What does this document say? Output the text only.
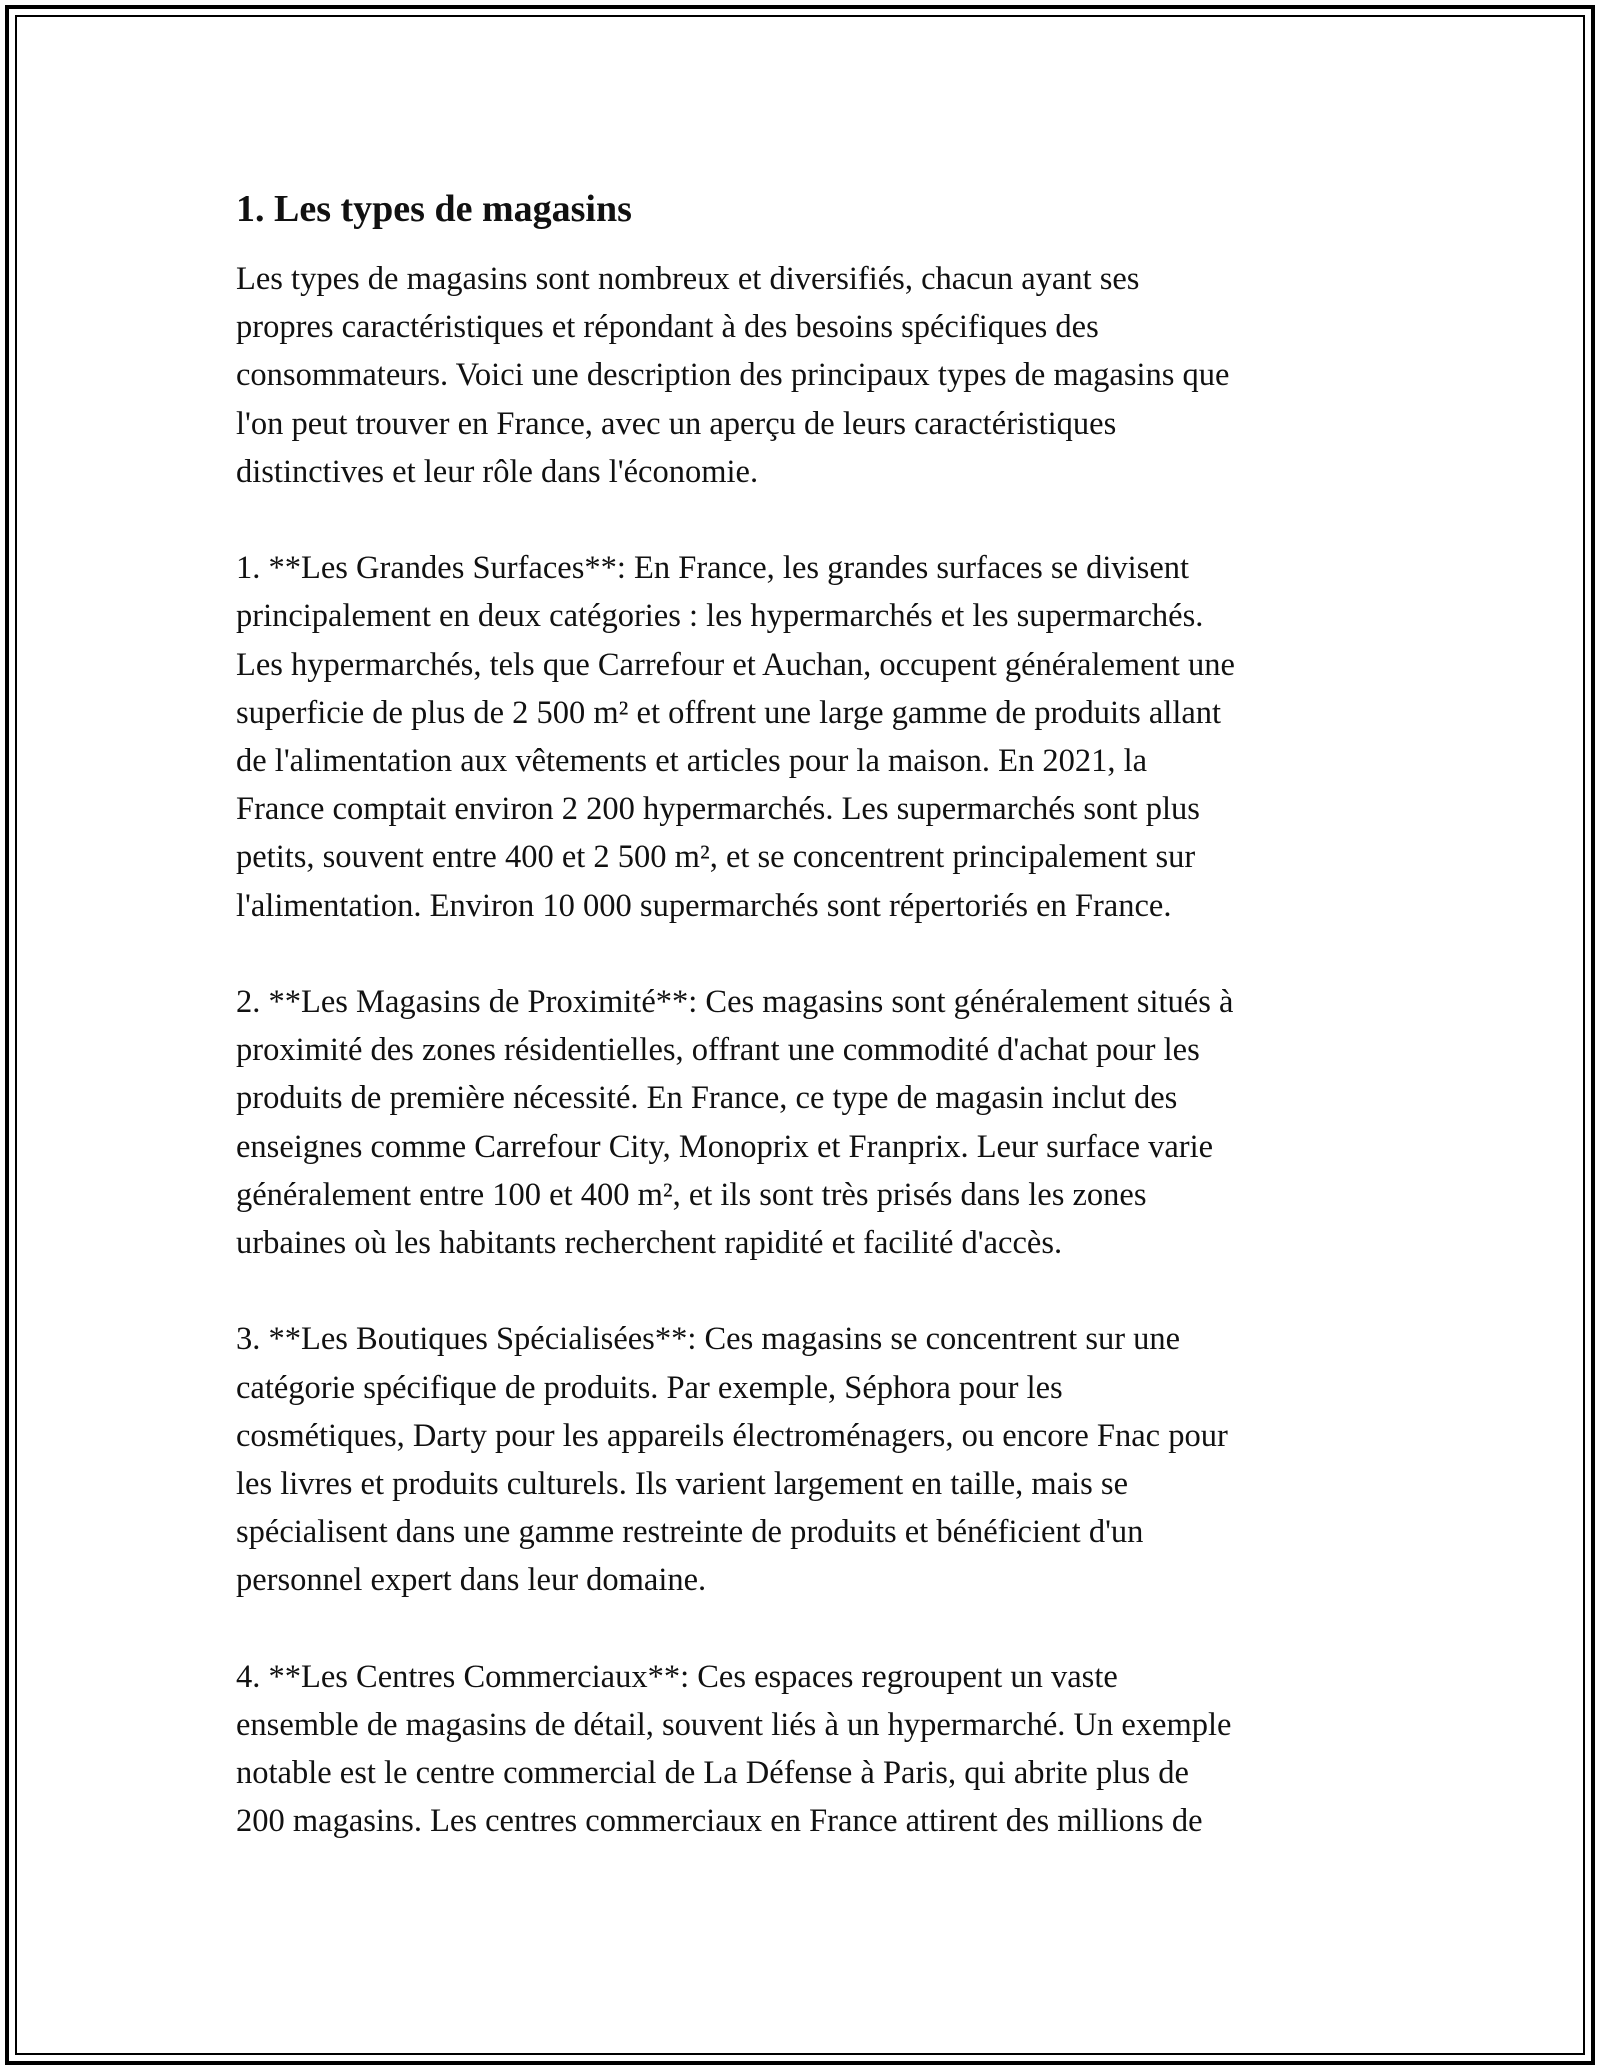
1. Les types de magasins

Les types de magasins sont nombreux et diversifiés, chacun ayant ses
propres caractéristiques et répondant à des besoins spécifiques des
consommateurs. Voici une description des principaux types de magasins que
l'on peut trouver en France, avec un aperçu de leurs caractéristiques
distinctives et leur rôle dans l'économie.

1. **Les Grandes Surfaces**: En France, les grandes surfaces se divisent
principalement en deux catégories : les hypermarchés et les supermarchés.
Les hypermarchés, tels que Carrefour et Auchan, occupent généralement une
superficie de plus de 2 500 m² et offrent une large gamme de produits allant
de l'alimentation aux vêtements et articles pour la maison. En 2021, la
France comptait environ 2 200 hypermarchés. Les supermarchés sont plus
petits, souvent entre 400 et 2 500 m², et se concentrent principalement sur
l'alimentation. Environ 10 000 supermarchés sont répertoriés en France.

2. **Les Magasins de Proximité**: Ces magasins sont généralement situés à
proximité des zones résidentielles, offrant une commodité d'achat pour les
produits de première nécessité. En France, ce type de magasin inclut des
enseignes comme Carrefour City, Monoprix et Franprix. Leur surface varie
généralement entre 100 et 400 m², et ils sont très prisés dans les zones
urbaines où les habitants recherchent rapidité et facilité d'accès.

3. **Les Boutiques Spécialisées**: Ces magasins se concentrent sur une
catégorie spécifique de produits. Par exemple, Séphora pour les
cosmétiques, Darty pour les appareils électroménagers, ou encore Fnac pour
les livres et produits culturels. Ils varient largement en taille, mais se
spécialisent dans une gamme restreinte de produits et bénéficient d'un
personnel expert dans leur domaine.

4. **Les Centres Commerciaux**: Ces espaces regroupent un vaste
ensemble de magasins de détail, souvent liés à un hypermarché. Un exemple
notable est le centre commercial de La Défense à Paris, qui abrite plus de
200 magasins. Les centres commerciaux en France attirent des millions de
